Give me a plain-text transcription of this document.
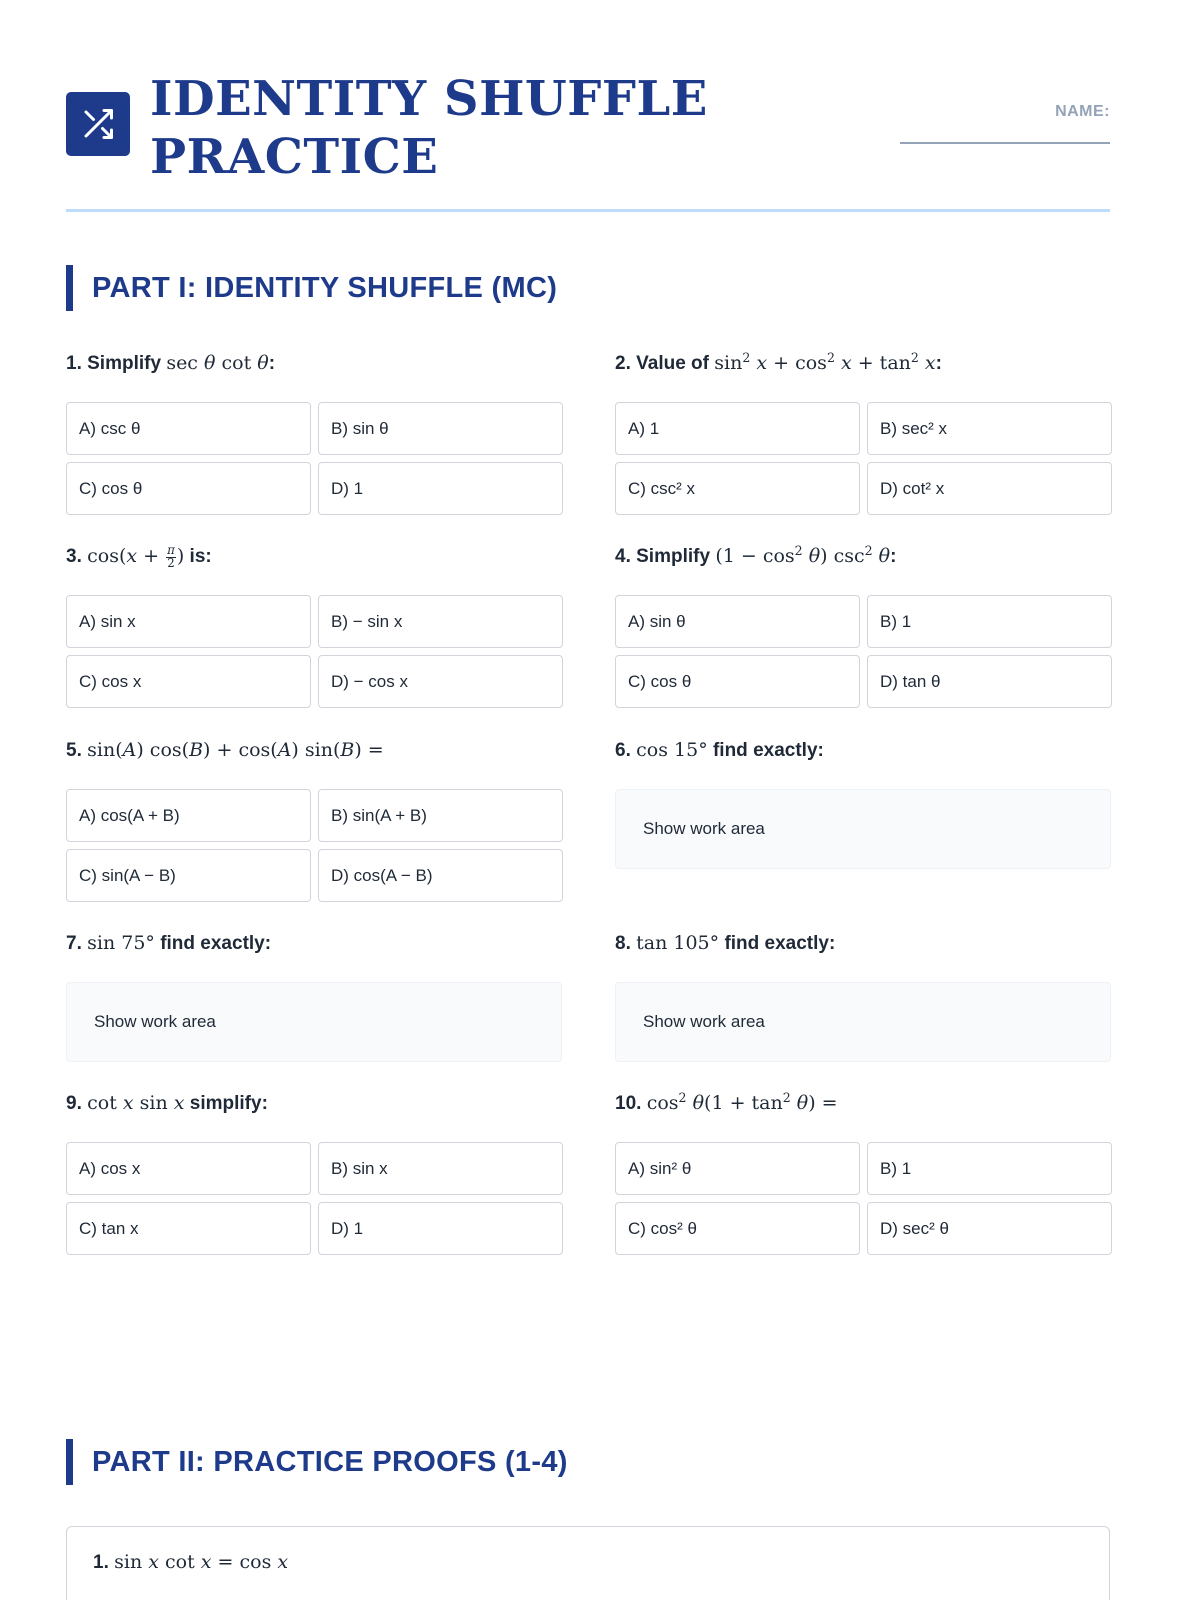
IDENTITY SHUFFLE PRACTICE
NAME:
PART I: IDENTITY SHUFFLE (MC)
1. Simplify sec θ cot θ:
A) csc θ	B) sin θ
C) cos θ	D) 1
2. Value of $\sin^2 x + \cos^2 x + \tan^2 x$:
A) 1	B) sec² x
C) csc² x	D) cot² x
3. $\cos(x + \frac{\pi}{2}$ ) is:
A) sin x	B) − sin x
C) cos x	D) − cos x
4. Simplify $(1 - \cos^2 \theta)$ $\csc^2 \theta$:
A) sin θ	B) 1
C) cos θ	D) tan θ
5. sin(A) cos(B) + cos(A) sin(B) =
A) cos(A + B)	B) sin(A + B)
C) sin(A − B)	D) cos(A − B)
6. cos 15° find exactly:
Show work area
7. sin 75° find exactly:
Show work area
8. tan 105° find exactly:
Show work area
9. cot x sin x simplify:
A) cos x	B) sin x
C) tan x	D) 1
10. $\cos^2 \theta(1 + \tan^2 \theta)$ =
A) sin² θ	B) 1
C) cos² θ	D) sec² θ
PART II: PRACTICE PROOFS (1-4)
1. sin x cot x = cos x
